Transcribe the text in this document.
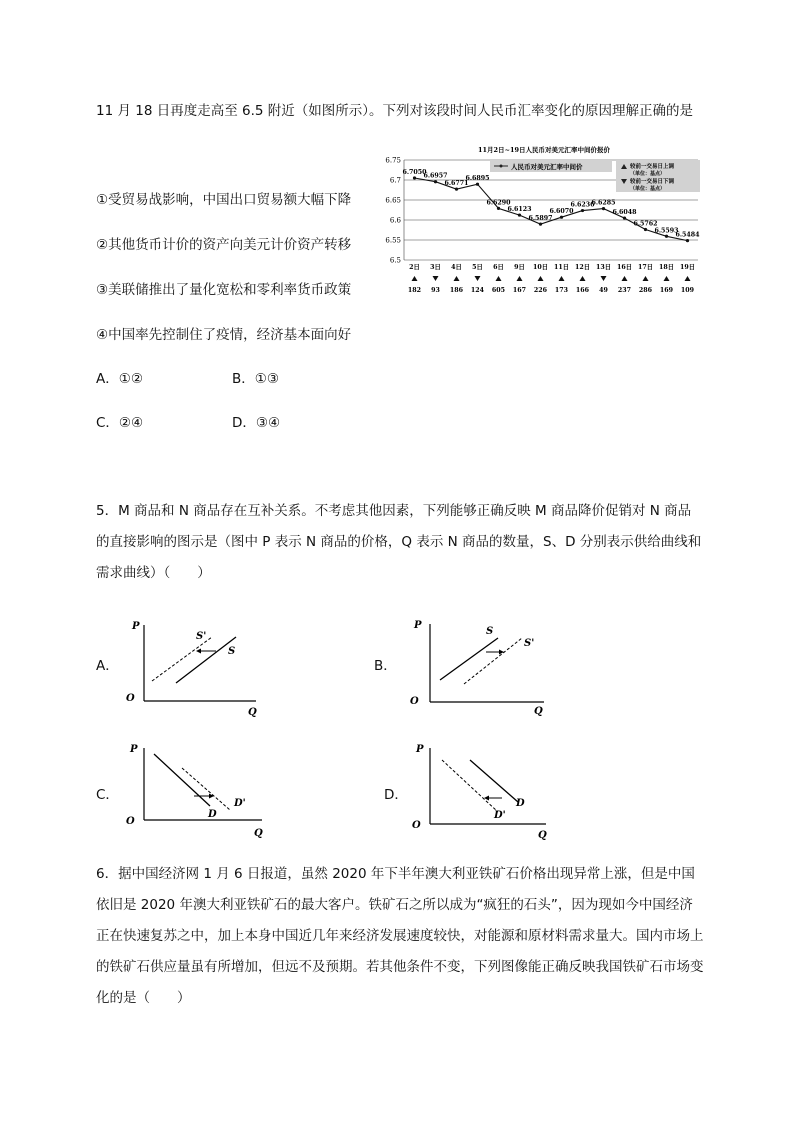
11 月 18 日再度走高至 6.5 附近（如图所示）。下列对该段时间人民币汇率变化的原因理解正确的是
①受贸易战影响，中国出口贸易额大幅下降
②其他货币计价的资产向美元计价资产转移
③美联储推出了量化宽松和零利率货币政策
④中国率先控制住了疫情，经济基本面向好
A．①②	B．①③
C．②④	D．③④
11月2日~19日人民币对美元汇率中间价报价
6.75
6.7
6.65
6.6
6.55
6.5
人民币对美元汇率中间价	较前一交易日上调
（单位：基点）
较前一交易日下调
（单位：基点）
6.7050
6.6957
6.6771
6.6895
6.6290
6.6123
6.5897
6.6070
6.6236
6.6285
6.6048
6.5762
6.5593
6.5484
2日
182
3日
93
4日
186
5日
124
6日
605
9日
167
10日
226
11日
173
12日
166
13日
49
16日
237
17日
286
18日
169
19日
109
5．M 商品和 N 商品存在互补关系。不考虑其他因素，下列能够正确反映 M 商品降价促销对 N 商品的直接影响的图示是（图中 P 表示 N 商品的价格，Q 表示 N 商品的数量，S、D 分别表示供给曲线和需求曲线）（　　）
A．
P
O
Q
S'
S
B．
P
O
Q
S
S'
C．
P
O
Q
D
D'
D．
P
O
Q
D
D'
6．据中国经济网 1 月 6 日报道，虽然 2020 年下半年澳大利亚铁矿石价格出现异常上涨，但是中国依旧是 2020 年澳大利亚铁矿石的最大客户。铁矿石之所以成为“疯狂的石头”，因为现如今中国经济正在快速复苏之中，加上本身中国近几年来经济发展速度较快，对能源和原材料需求量大。国内市场上的铁矿石供应量虽有所增加，但远不及预期。若其他条件不变，下列图像能正确反映我国铁矿石市场变化的是（　　）
